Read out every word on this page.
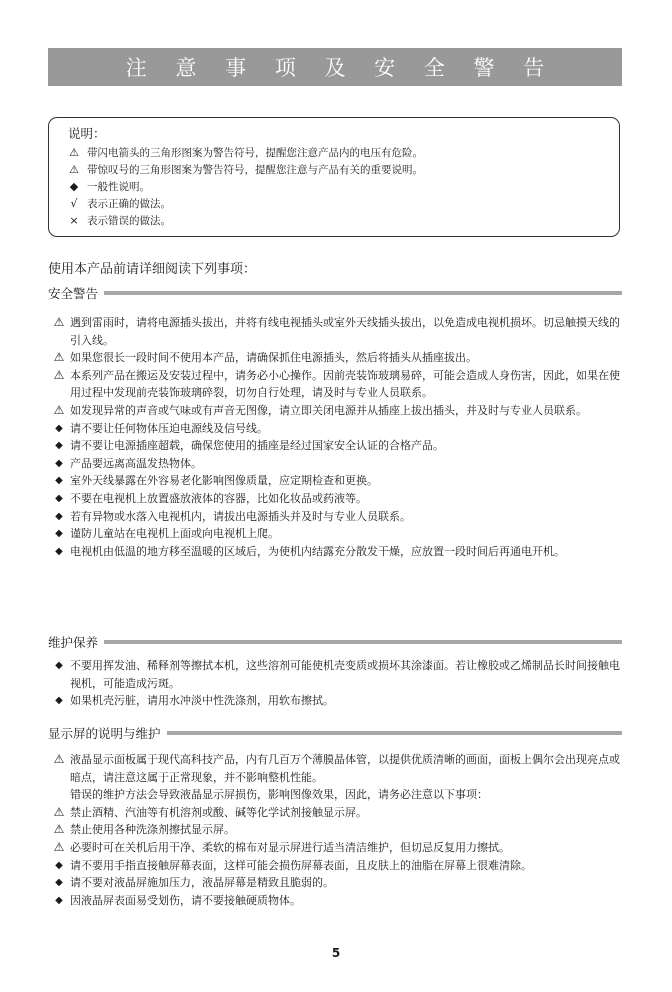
注 意 事 项 及 安 全 警 告
说明：
⚠ 带闪电箭头的三角形图案为警告符号，提醒您注意产品内的电压有危险。
⚠ 带惊叹号的三角形图案为警告符号，提醒您注意与产品有关的重要说明。
◆ 一般性说明。
√ 表示正确的做法。
× 表示错误的做法。
使用本产品前请详细阅读下列事项：
安全警告
⚠ 遇到雷雨时，请将电源插头拔出，并将有线电视插头或室外天线插头拔出，以免造成电视机损坏。切忌触摸天线的引入线。
⚠ 如果您很长一段时间不使用本产品，请确保抓住电源插头，然后将插头从插座拔出。
⚠ 本系列产品在搬运及安装过程中，请务必小心操作。因前壳装饰玻璃易碎，可能会造成人身伤害，因此，如果在使用过程中发现前壳装饰玻璃碎裂，切勿自行处理，请及时与专业人员联系。
⚠ 如发现异常的声音或气味或有声音无图像，请立即关闭电源并从插座上拔出插头，并及时与专业人员联系。
◆ 请不要让任何物体压迫电源线及信号线。
◆ 请不要让电源插座超载，确保您使用的插座是经过国家安全认证的合格产品。
◆ 产品要远离高温发热物体。
◆ 室外天线暴露在外容易老化影响图像质量，应定期检查和更换。
◆ 不要在电视机上放置盛放液体的容器，比如化妆品或药液等。
◆ 若有异物或水落入电视机内，请拔出电源插头并及时与专业人员联系。
◆ 谨防儿童站在电视机上面或向电视机上爬。
◆ 电视机由低温的地方移至温暖的区域后，为使机内结露充分散发干燥，应放置一段时间后再通电开机。
维护保养
◆ 不要用挥发油、稀释剂等擦拭本机，这些溶剂可能使机壳变质或损坏其涂漆面。若让橡胶或乙烯制品长时间接触电视机，可能造成污斑。
◆ 如果机壳污脏，请用水冲淡中性洗涤剂，用软布擦拭。
显示屏的说明与维护
⚠ 液晶显示面板属于现代高科技产品，内有几百万个薄膜晶体管，以提供优质清晰的画面，面板上偶尔会出现亮点或暗点，请注意这属于正常现象，并不影响整机性能。
错误的维护方法会导致液晶显示屏损伤，影响图像效果，因此，请务必注意以下事项：
⚠ 禁止酒精、汽油等有机溶剂或酸、碱等化学试剂接触显示屏。
⚠ 禁止使用各种洗涤剂擦拭显示屏。
⚠ 必要时可在关机后用干净、柔软的棉布对显示屏进行适当清洁维护，但切忌反复用力擦拭。
◆ 请不要用手指直接触屏幕表面，这样可能会损伤屏幕表面，且皮肤上的油脂在屏幕上很难清除。
◆ 请不要对液晶屏施加压力，液晶屏幕是精致且脆弱的。
◆ 因液晶屏表面易受划伤，请不要接触硬质物体。
5
